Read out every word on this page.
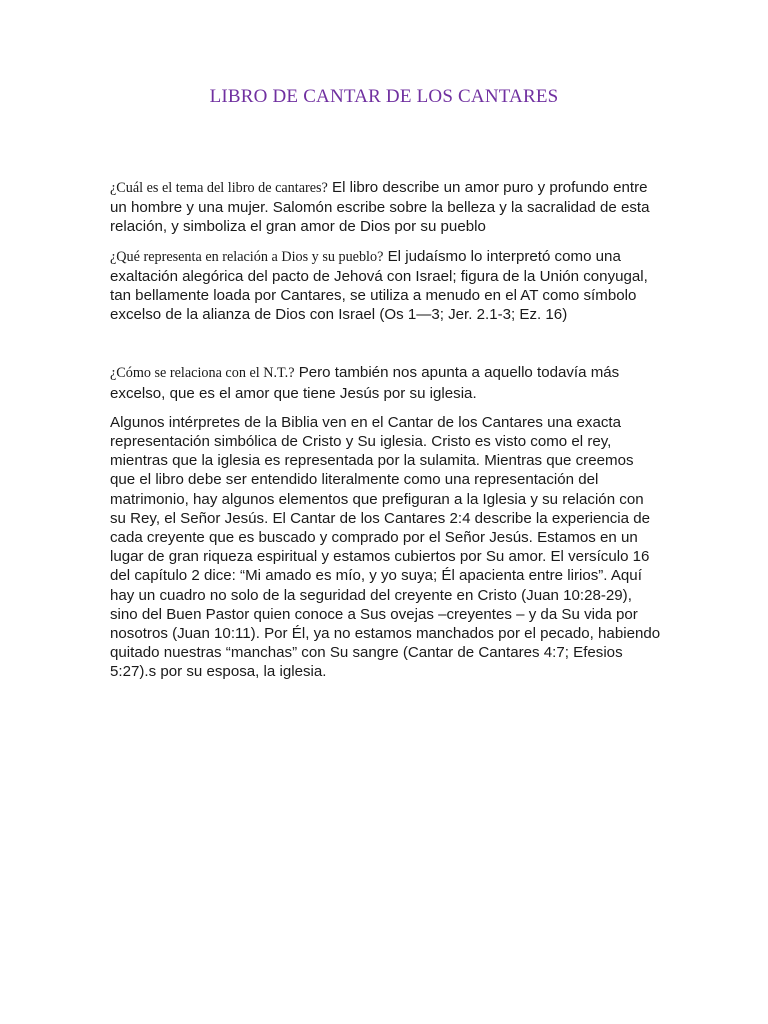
LIBRO DE CANTAR DE LOS CANTARES

¿Cuál es el tema del libro de cantares? El libro describe un amor puro y profundo entre un hombre y una mujer. Salomón escribe sobre la belleza y la sacralidad de esta relación, y simboliza el gran amor de Dios por su pueblo

¿Qué representa en relación a Dios y su pueblo? El judaísmo lo interpretó como una exaltación alegórica del pacto de Jehová con Israel; figura de la Unión conyugal, tan bellamente loada por Cantares, se utiliza a menudo en el AT como símbolo excelso de la alianza de Dios con Israel (Os 1—3; Jer. 2.1-3; Ez. 16)

¿Cómo se relaciona con el N.T.? Pero también nos apunta a aquello todavía más excelso, que es el amor que tiene Jesús por su iglesia.

Algunos intérpretes de la Biblia ven en el Cantar de los Cantares una exacta representación simbólica de Cristo y Su iglesia. Cristo es visto como el rey, mientras que la iglesia es representada por la sulamita. Mientras que creemos que el libro debe ser entendido literalmente como una representación del matrimonio, hay algunos elementos que prefiguran a la Iglesia y su relación con su Rey, el Señor Jesús. El Cantar de los Cantares 2:4 describe la experiencia de cada creyente que es buscado y comprado por el Señor Jesús. Estamos en un lugar de gran riqueza espiritual y estamos cubiertos por Su amor. El versículo 16 del capítulo 2 dice: “Mi amado es mío, y yo suya; Él apacienta entre lirios”. Aquí hay un cuadro no solo de la seguridad del creyente en Cristo (Juan 10:28-29), sino del Buen Pastor quien conoce a Sus ovejas –creyentes – y da Su vida por nosotros (Juan 10:11). Por Él, ya no estamos manchados por el pecado, habiendo quitado nuestras “manchas” con Su sangre (Cantar de Cantares 4:7; Efesios 5:27).s por su esposa, la iglesia.
